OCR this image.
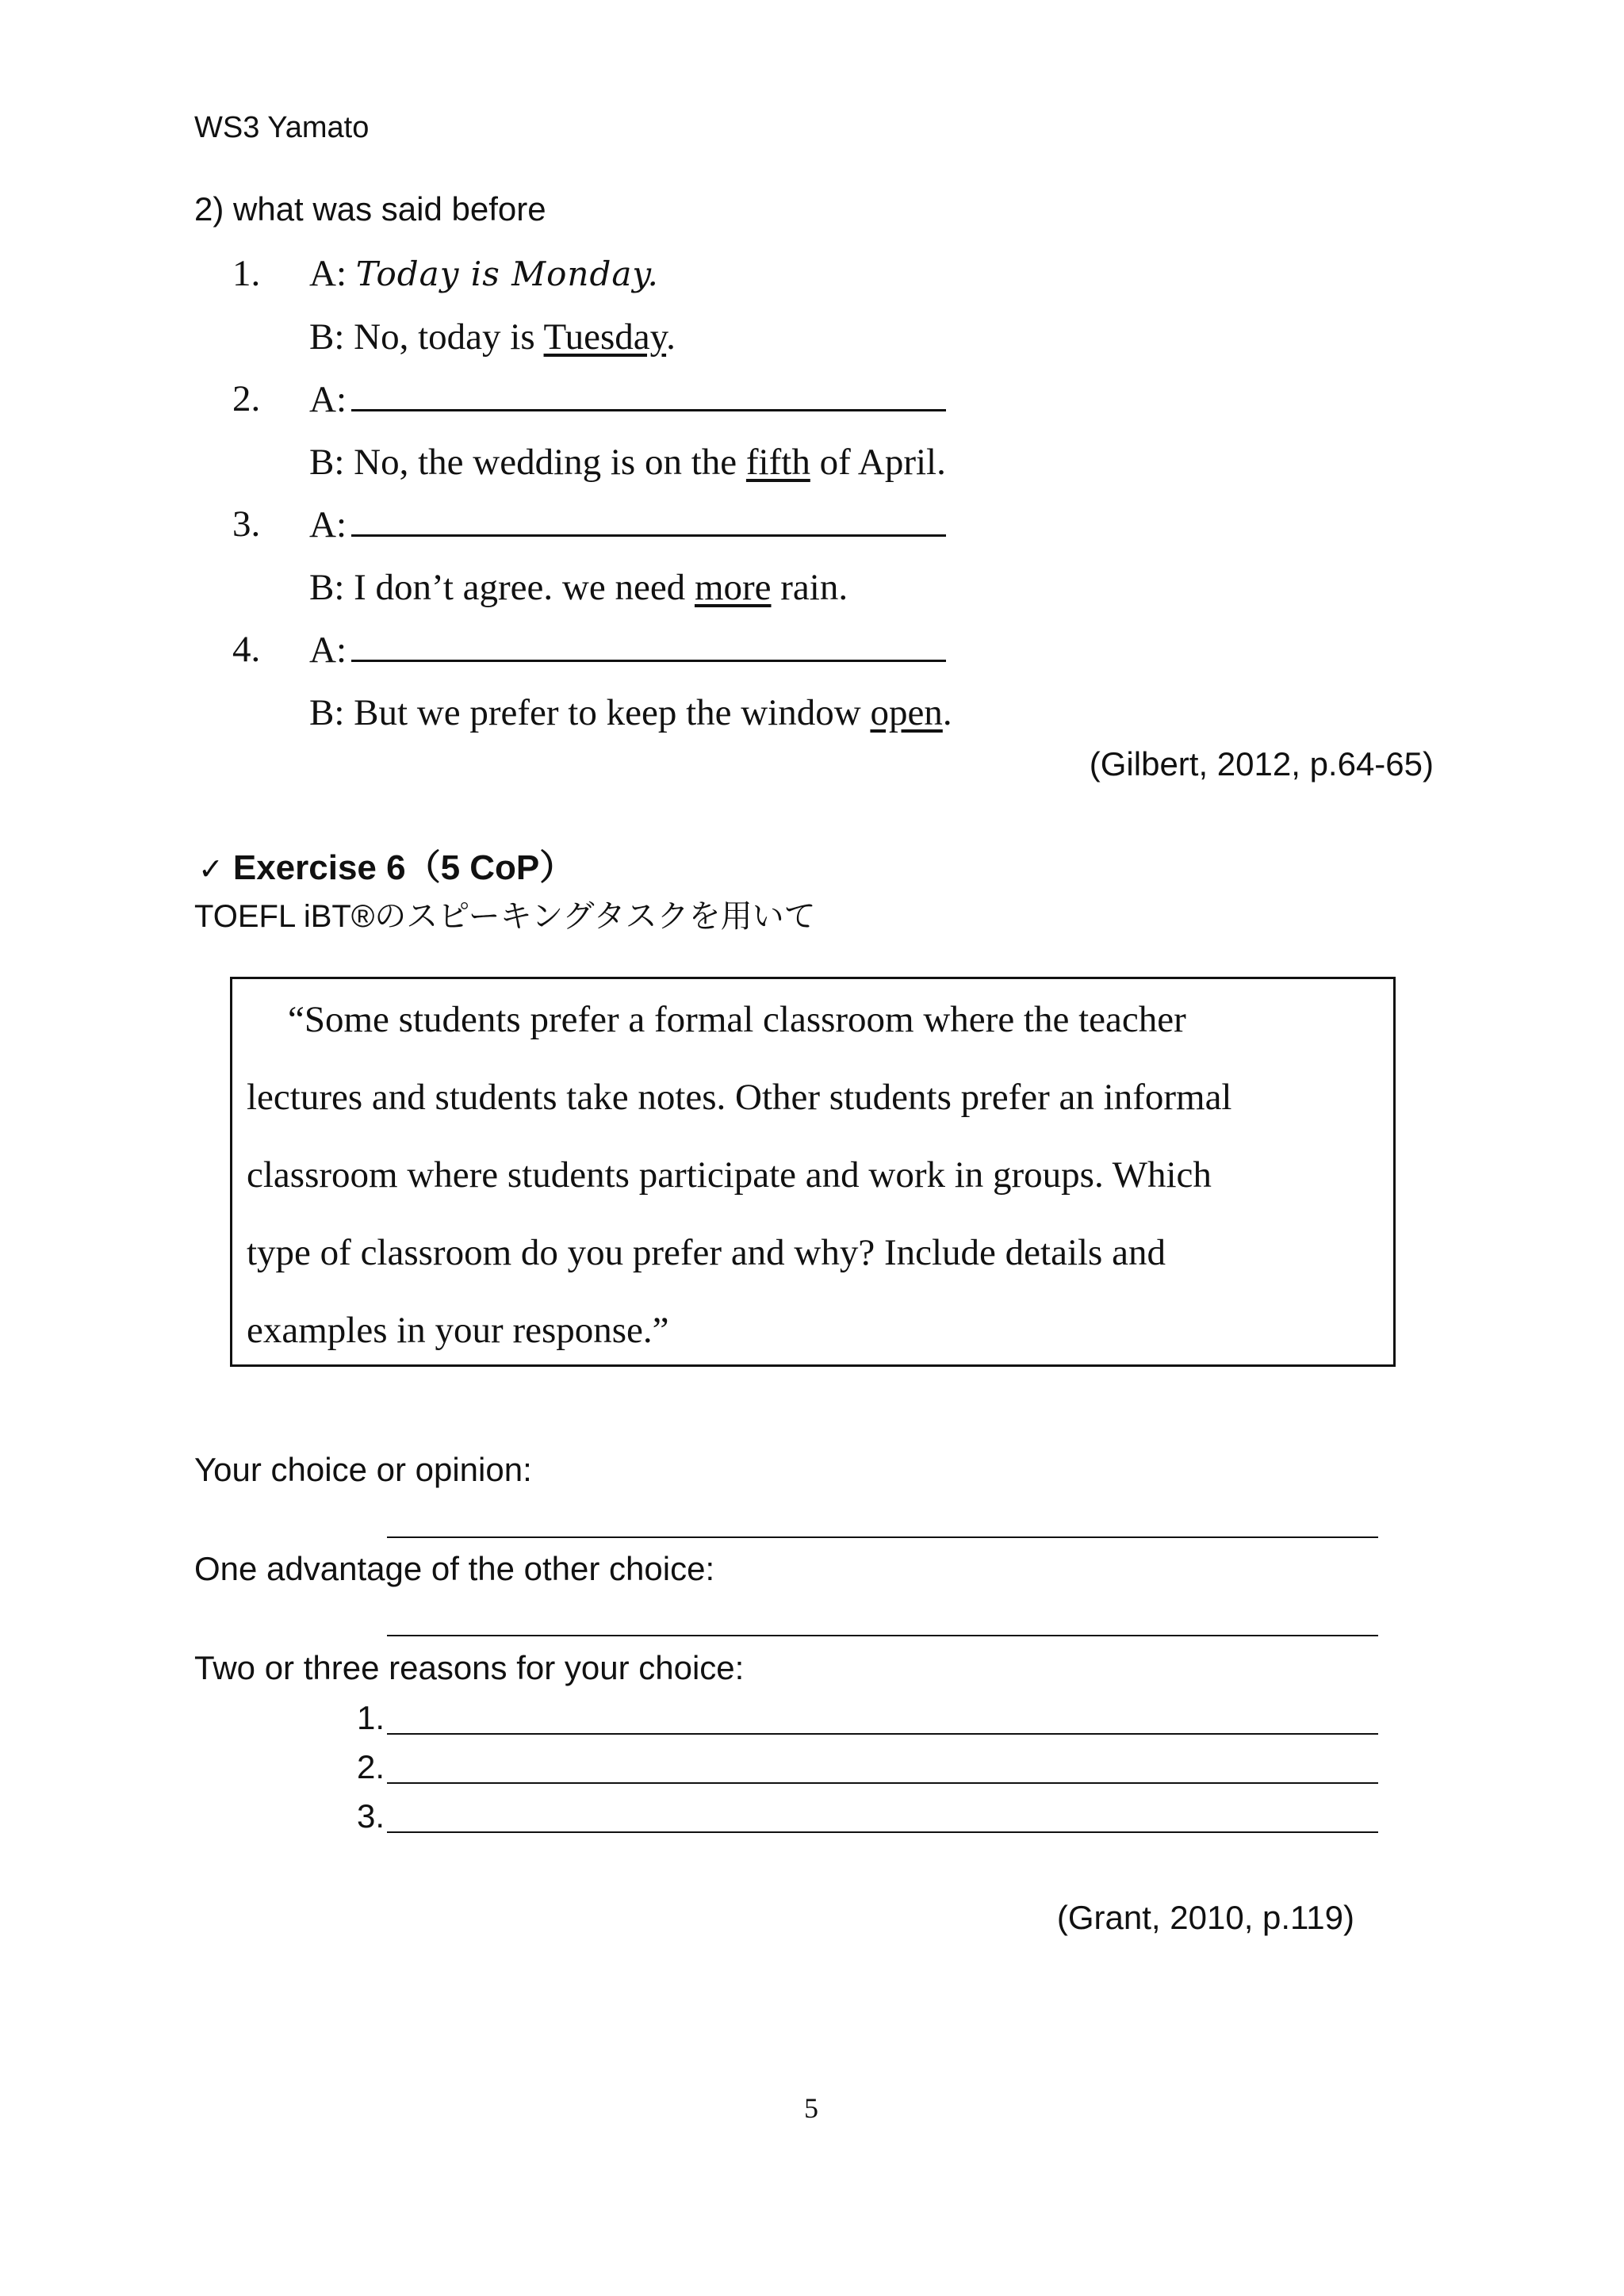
WS3 Yamato
2) what was said before
1. A: Today is Monday.
B: No, today is Tuesday.
2. A:
B: No, the wedding is on the fifth of April.
3. A:
B: I don’t agree. we need more rain.
4. A:
B: But we prefer to keep the window open.
(Gilbert, 2012, p.64-65)
✓ Exercise 6（5 CoP）
TOEFL iBT®のスピーキングタスクを用いて
“Some students prefer a formal classroom where the teacher
lectures and students take notes. Other students prefer an informal
classroom where students participate and work in groups. Which
type of classroom do you prefer and why? Include details and
examples in your response.”
Your choice or opinion:
One advantage of the other choice:
Two or three reasons for your choice:
1.
2.
3.
(Grant, 2010, p.119)
5
